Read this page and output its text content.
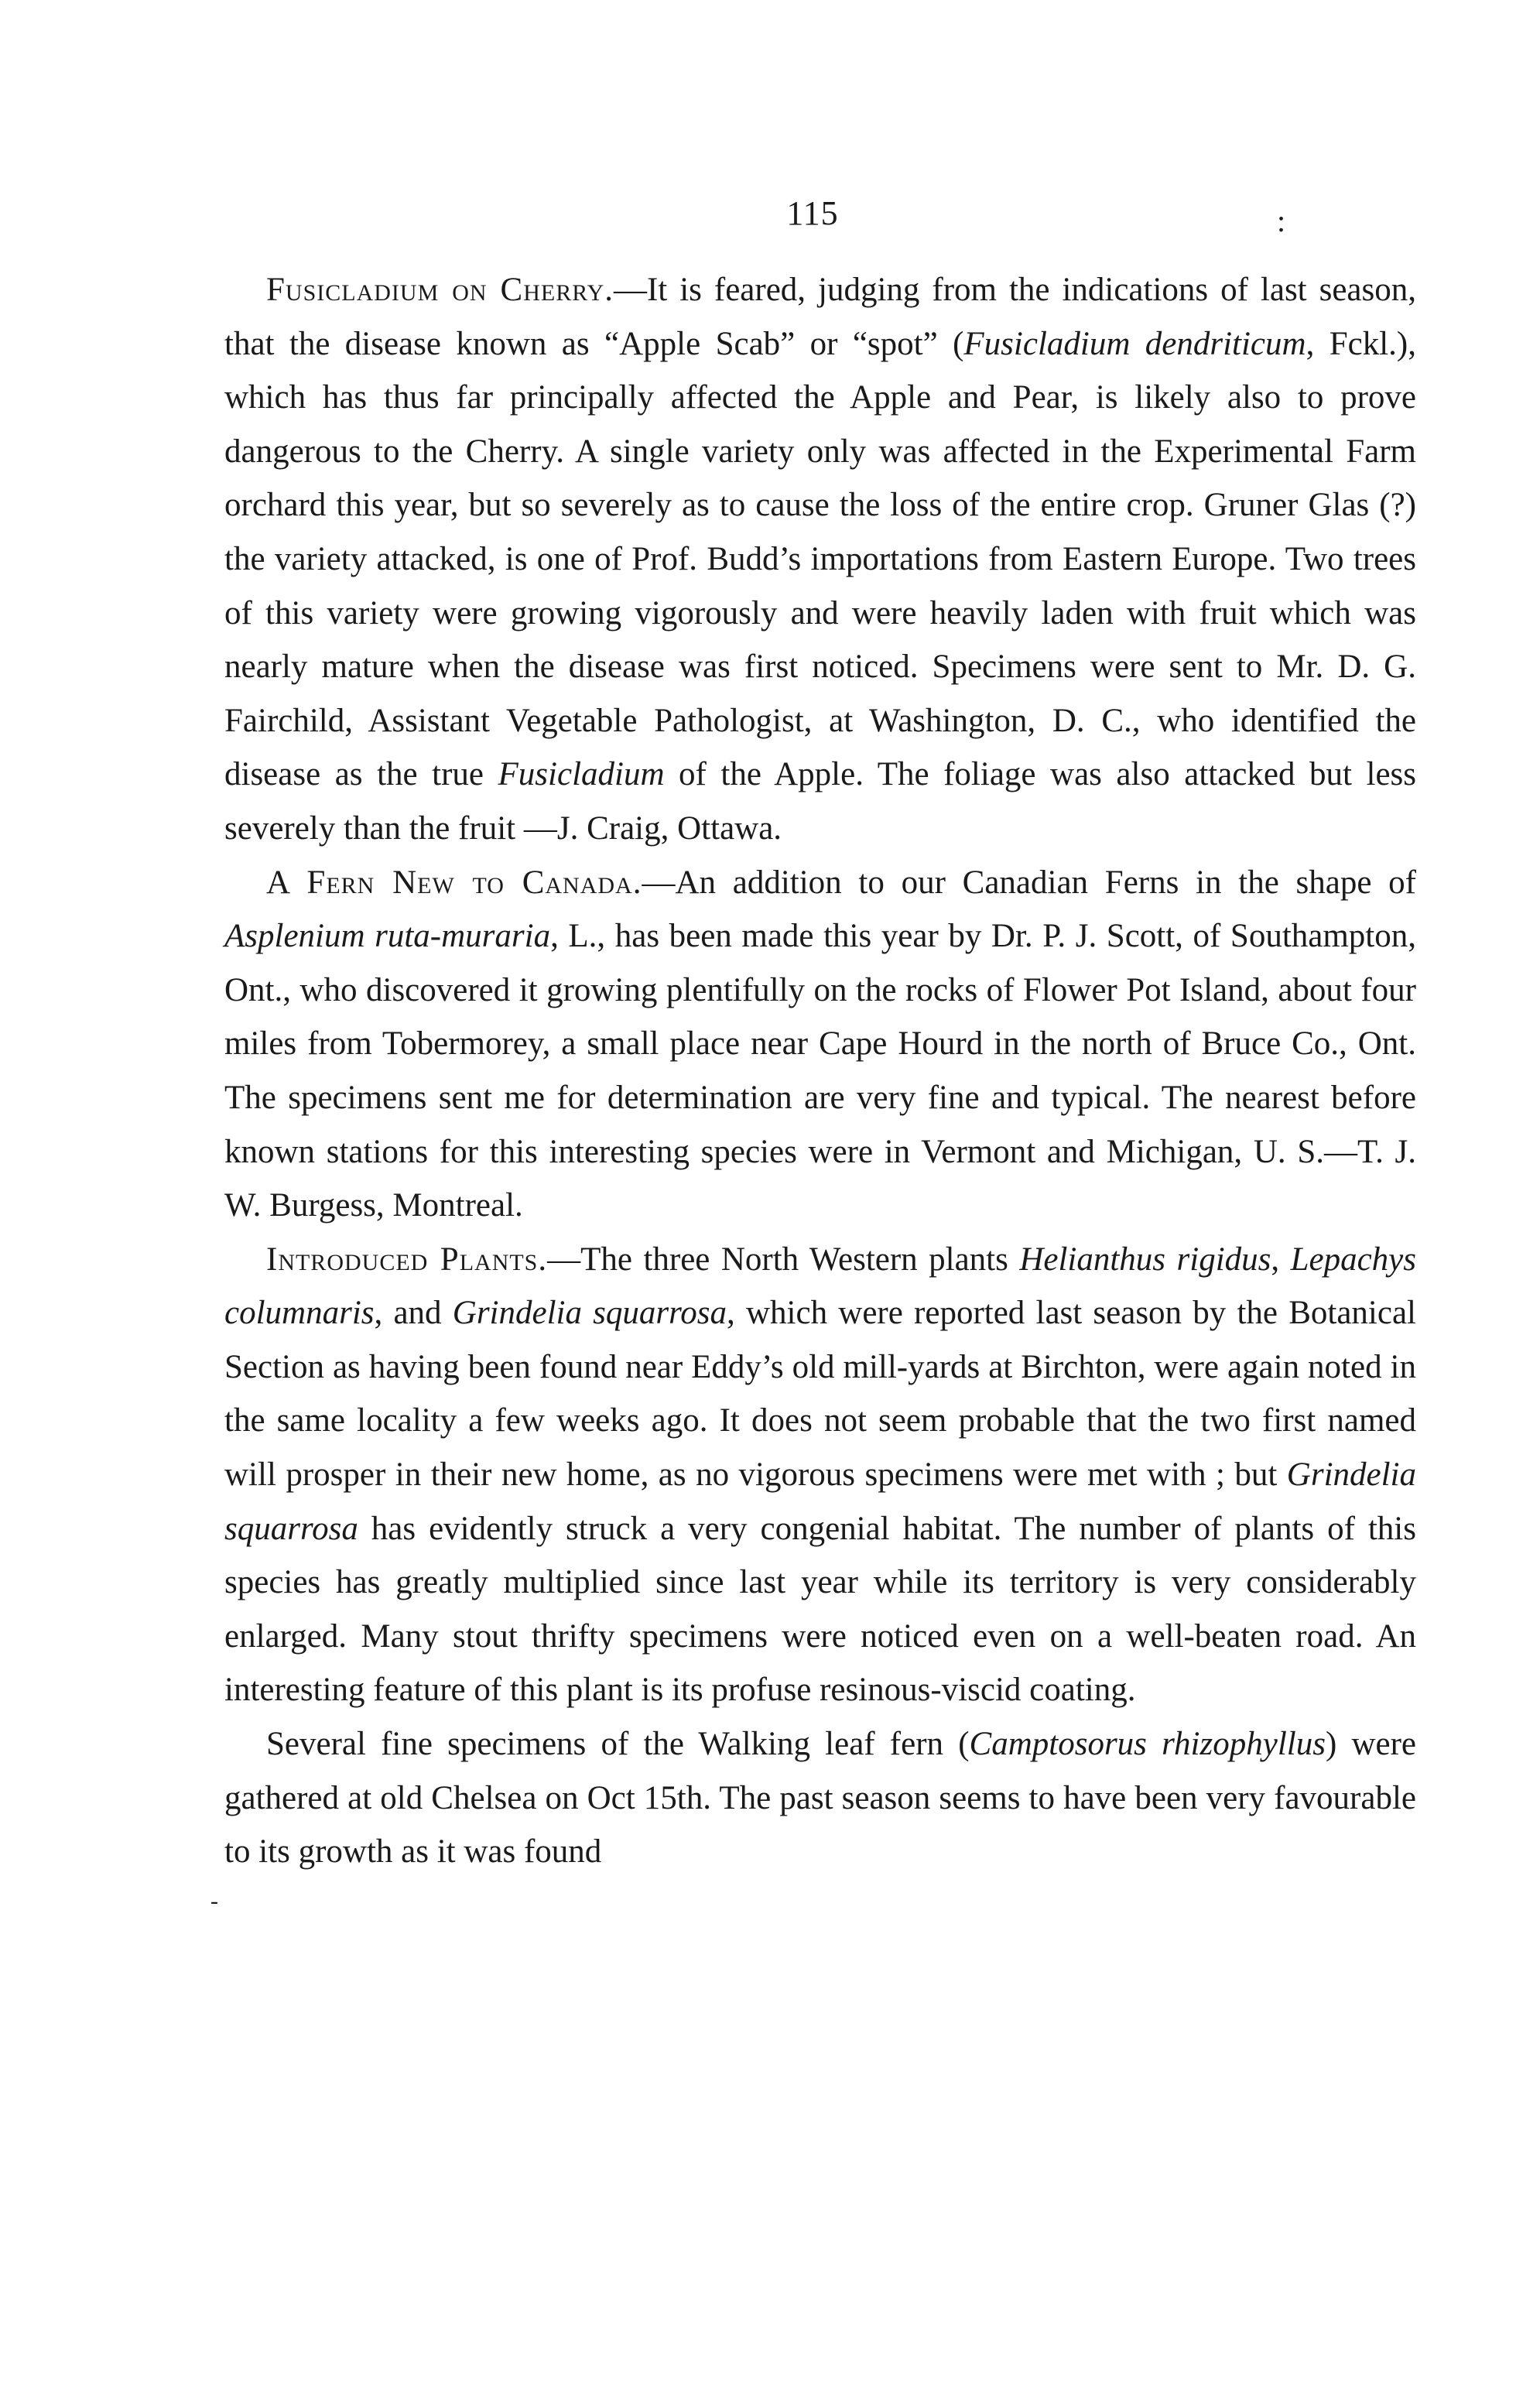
115	:

Fusicladium on Cherry.—It is feared, judging from the indications of last season, that the disease known as “Apple Scab” or “spot” (Fusicladium dendriticum, Fckl.), which has thus far principally affected the Apple and Pear, is likely also to prove dangerous to the Cherry. A single variety only was affected in the Experimental Farm orchard this year, but so severely as to cause the loss of the entire crop. Gruner Glas (?) the variety attacked, is one of Prof. Budd’s importations from Eastern Europe. Two trees of this variety were growing vigorously and were heavily laden with fruit which was nearly mature when the disease was first noticed. Specimens were sent to Mr. D. G. Fairchild, Assistant Vegetable Pathologist, at Washington, D. C., who identified the disease as the true Fusicladium of the Apple. The foliage was also attacked but less severely than the fruit —J. Craig, Ottawa.

A Fern New to Canada.—An addition to our Canadian Ferns in the shape of Asplenium ruta-muraria, L., has been made this year by Dr. P. J. Scott, of Southampton, Ont., who discovered it growing plentifully on the rocks of Flower Pot Island, about four miles from Tobermorey, a small place near Cape Hourd in the north of Bruce Co., Ont. The specimens sent me for determination are very fine and typical. The nearest before known stations for this interesting species were in Vermont and Michigan, U. S.—T. J. W. Burgess, Montreal.

Introduced Plants.—The three North Western plants Helianthus rigidus, Lepachys columnaris, and Grindelia squarrosa, which were reported last season by the Botanical Section as having been found near Eddy’s old mill-yards at Birchton, were again noted in the same locality a few weeks ago. It does not seem probable that the two first named will prosper in their new home, as no vigorous specimens were met with ; but Grindelia squarrosa has evidently struck a very congenial habitat. The number of plants of this species has greatly multiplied since last year while its territory is very considerably enlarged. Many stout thrifty specimens were noticed even on a well-beaten road. An interesting feature of this plant is its profuse resinous-viscid coating.

Several fine specimens of the Walking leaf fern (Camptosorus rhizophyllus) were gathered at old Chelsea on Oct 15th. The past season seems to have been very favourable to its growth as it was found

-
